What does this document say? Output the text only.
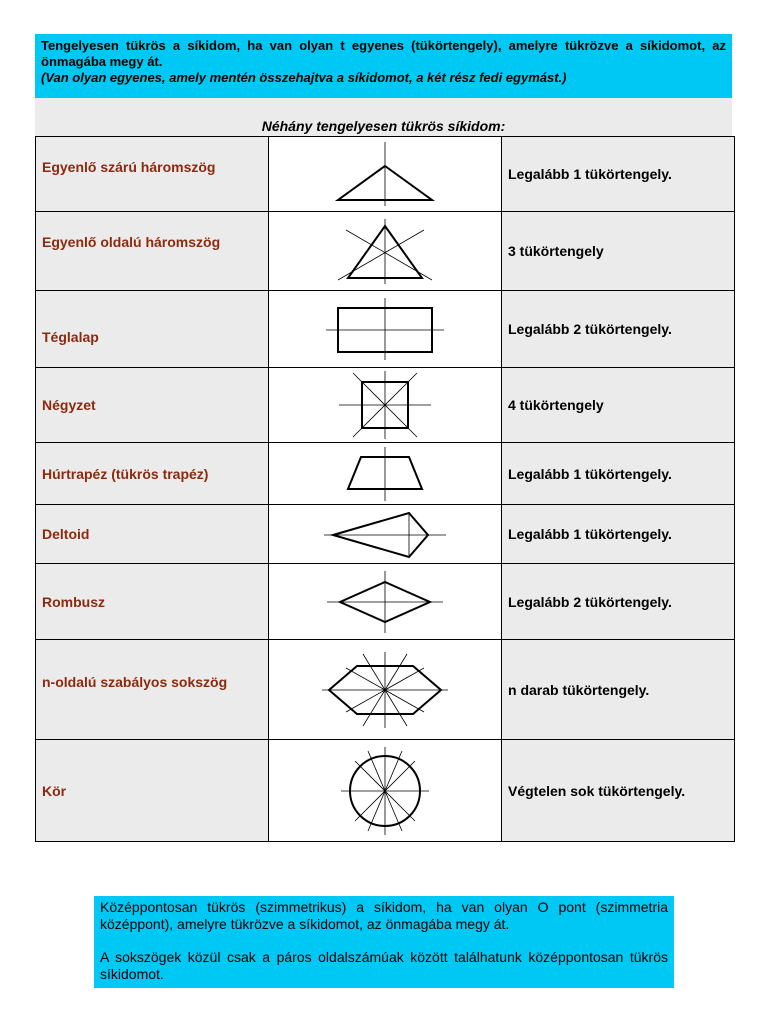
Tengelyesen tükrös a síkidom, ha van olyan t egyenes (tükörtengely), amelyre tükrözve a síkidomot, az önmagába megy át.
(Van olyan egyenes, amely mentén összehajtva a síkidomot, a két rész fedi egymást.)
Néhány tengelyesen tükrös síkidom:
Egyenlő szárú háromszög		Legalább 1 tükörtengely.

Egyenlő oldalú háromszög		3 tükörtengely

Téglalap		Legalább 2 tükörtengely.

Négyzet		4 tükörtengely

Húrtrapéz (tükrös trapéz)		Legalább 1 tükörtengely.

Deltoid		Legalább 1 tükörtengely.

Rombusz		Legalább 2 tükörtengely.

n-oldalú szabályos sokszög		n darab tükörtengely.

Kör		Végtelen sok tükörtengely.

Középpontosan tükrös (szimmetrikus) a síkidom, ha van olyan O pont (szimmetria középpont), amelyre tükrözve a síkidomot, az önmagába megy át.

A sokszögek közül csak a páros oldalszámúak között találhatunk középpontosan tükrös síkidomot.
